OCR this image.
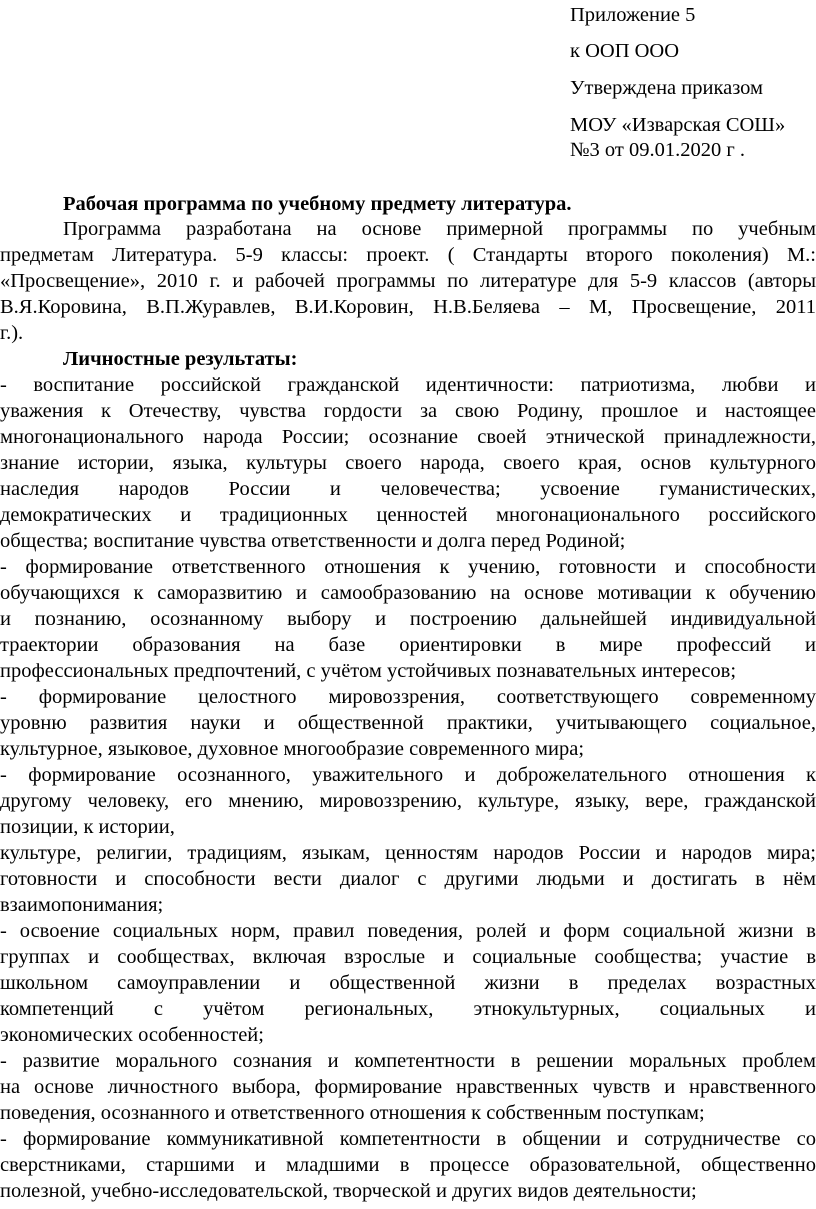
Приложение 5
к ООП ООО
Утверждена приказом
МОУ «Изварская СОШ»
№3 от 09.01.2020 г .
Рабочая программа по учебному предмету литература.
Программа разработана на основе примерной программы по учебным
предметам Литература. 5-9 классы: проект. ( Стандарты второго поколения) М.:
«Просвещение», 2010 г. и рабочей программы по литературе для 5-9 классов (авторы
В.Я.Коровина, В.П.Журавлев, В.И.Коровин, Н.В.Беляева – М, Просвещение, 2011
г.).
Личностные результаты:
- воспитание российской гражданской идентичности: патриотизма, любви и
уважения к Отечеству, чувства гордости за свою Родину, прошлое и настоящее
многонационального народа России; осознание своей этнической принадлежности,
знание истории, языка, культуры своего народа, своего края, основ культурного
наследия народов России и человечества; усвоение гуманистических,
демократических и традиционных ценностей многонационального российского
общества; воспитание чувства ответственности и долга перед Родиной;
- формирование ответственного отношения к учению, готовности и способности
обучающихся к саморазвитию и самообразованию на основе мотивации к обучению
и познанию, осознанному выбору и построению дальнейшей индивидуальной
траектории образования на базе ориентировки в мире профессий и
профессиональных предпочтений, с учётом устойчивых познавательных интересов;
- формирование целостного мировоззрения, соответствующего современному
уровню развития науки и общественной практики, учитывающего социальное,
культурное, языковое, духовное многообразие современного мира;
- формирование осознанного, уважительного и доброжелательного отношения к
другому человеку, его мнению, мировоззрению, культуре, языку, вере, гражданской
позиции, к истории,
культуре, религии, традициям, языкам, ценностям народов России и народов мира;
готовности и способности вести диалог с другими людьми и достигать в нём
взаимопонимания;
- освоение социальных норм, правил поведения, ролей и форм социальной жизни в
группах и сообществах, включая взрослые и социальные сообщества; участие в
школьном самоуправлении и общественной жизни в пределах возрастных
компетенций с учётом региональных, этнокультурных, социальных и
экономических особенностей;
- развитие морального сознания и компетентности в решении моральных проблем
на основе личностного выбора, формирование нравственных чувств и нравственного
поведения, осознанного и ответственного отношения к собственным поступкам;
- формирование коммуникативной компетентности в общении и сотрудничестве со
сверстниками, старшими и младшими в процессе образовательной, общественно
полезной, учебно-исследовательской, творческой и других видов деятельности;
